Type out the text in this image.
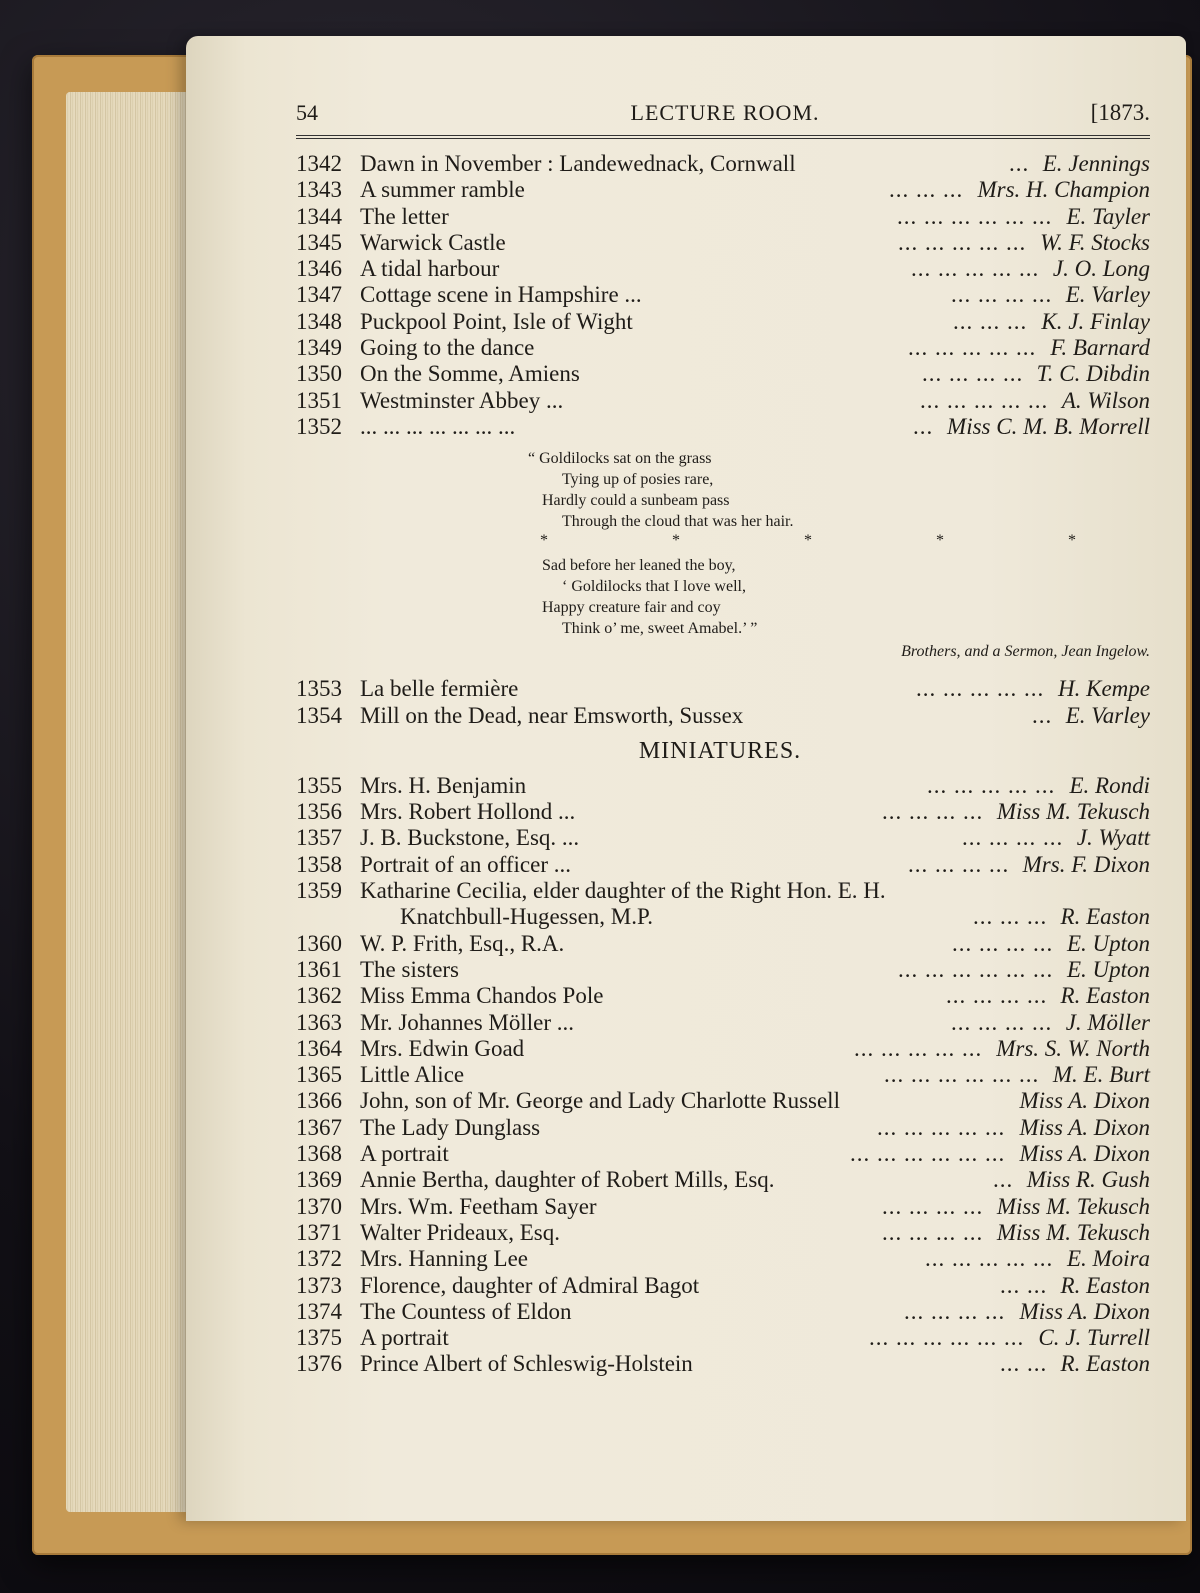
54	LECTURE ROOM.	[1873.
1342 Dawn in November : Landewednack, Cornwall	... E. Jennings
1343 A summer ramble	... ... ... Mrs. H. Champion
1344 The letter	... ... ... ... ... ... E. Tayler
1345 Warwick Castle	... ... ... ... ... W. F. Stocks
1346 A tidal harbour	... ... ... ... ... J. O. Long
1347 Cottage scene in Hampshire ...	... ... ... ... E. Varley
1348 Puckpool Point, Isle of Wight	... ... ... K. J. Finlay
1349 Going to the dance	... ... ... ... ... F. Barnard
1350 On the Somme, Amiens	... ... ... ... T. C. Dibdin
1351 Westminster Abbey ...	... ... ... ... ... A. Wilson
1352 ... ... ... ... ... ... ...	... Miss C. M. B. Morrell
“ Goldilocks sat on the grass
Tying up of posies rare,
Hardly could a sunbeam pass
Through the cloud that was her hair.
* * * * *
Sad before her leaned the boy,
‘ Goldilocks that I love well,
Happy creature fair and coy
Think o’ me, sweet Amabel.’ ”
Brothers, and a Sermon, Jean Ingelow.
1353 La belle fermière	... ... ... ... ... H. Kempe
1354 Mill on the Dead, near Emsworth, Sussex	... E. Varley
MINIATURES.
1355 Mrs. H. Benjamin	... ... ... ... ... E. Rondi
1356 Mrs. Robert Hollond ...	... ... ... ... Miss M. Tekusch
1357 J. B. Buckstone, Esq. ...	... ... ... ... J. Wyatt
1358 Portrait of an officer ...	... ... ... ... Mrs. F. Dixon
1359 Katharine Cecilia, elder daughter of the Right Hon. E. H.
Knatchbull-Hugessen, M.P.	... ... ... R. Easton
1360 W. P. Frith, Esq., R.A.	... ... ... ... E. Upton
1361 The sisters	... ... ... ... ... ... E. Upton
1362 Miss Emma Chandos Pole	... ... ... ... R. Easton
1363 Mr. Johannes Möller ...	... ... ... ... J. Möller
1364 Mrs. Edwin Goad	... ... ... ... ... Mrs. S. W. North
1365 Little Alice	... ... ... ... ... ... M. E. Burt
1366 John, son of Mr. George and Lady Charlotte Russell	Miss A. Dixon
1367 The Lady Dunglass	... ... ... ... ... Miss A. Dixon
1368 A portrait	... ... ... ... ... ... Miss A. Dixon
1369 Annie Bertha, daughter of Robert Mills, Esq.	... Miss R. Gush
1370 Mrs. Wm. Feetham Sayer	... ... ... ... Miss M. Tekusch
1371 Walter Prideaux, Esq.	... ... ... ... Miss M. Tekusch
1372 Mrs. Hanning Lee	... ... ... ... ... E. Moira
1373 Florence, daughter of Admiral Bagot	... ... R. Easton
1374 The Countess of Eldon	... ... ... ... Miss A. Dixon
1375 A portrait	... ... ... ... ... ... C. J. Turrell
1376 Prince Albert of Schleswig-Holstein	... ... R. Easton
